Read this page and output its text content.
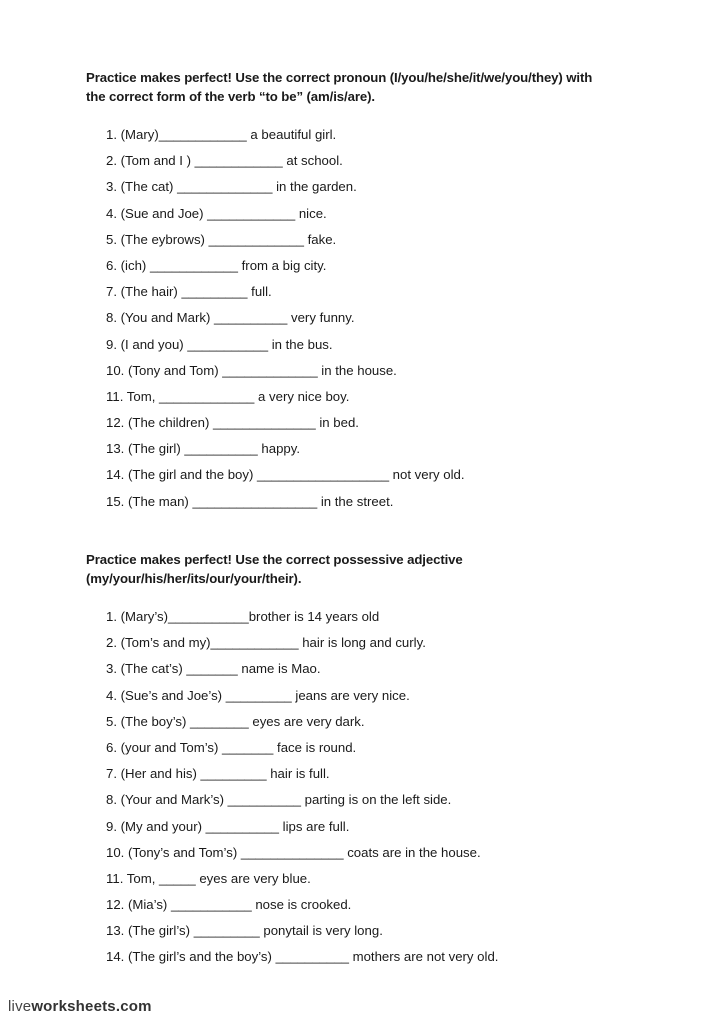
Practice makes perfect! Use the correct pronoun (I/you/he/she/it/we/you/they) with
the correct form of the verb “to be” (am/is/are).

1. (Mary)____________ a beautiful girl.
2. (Tom and I ) ____________ at school.
3. (The cat) _____________ in the garden.
4. (Sue and Joe) ____________ nice.
5. (The eybrows) _____________ fake.
6. (ich) ____________ from a big city.
7. (The hair) _________ full.
8. (You and Mark) __________ very funny.
9. (I and you) ___________ in the bus.
10. (Tony and Tom) _____________ in the house.
11. Tom, _____________ a very nice boy.
12. (The children) ______________ in bed.
13. (The girl) __________ happy.
14. (The girl and the boy) __________________ not very old.
15. (The man) _________________ in the street.

Practice makes perfect! Use the correct possessive adjective
(my/your/his/her/its/our/your/their).

1. (Mary’s)___________brother is 14 years old
2. (Tom’s and my)____________ hair is long and curly.
3. (The cat’s) _______ name is Mao.
4. (Sue’s and Joe’s) _________ jeans are very nice.
5. (The boy’s) ________ eyes are very dark.
6. (your and Tom’s) _______ face is round.
7. (Her and his) _________ hair is full.
8. (Your and Mark’s) __________ parting is on the left side.
9. (My and your) __________ lips are full.
10. (Tony’s and Tom’s) ______________ coats are in the house.
11. Tom, _____ eyes are very blue.
12. (Mia’s) ___________ nose is crooked.
13. (The girl’s) _________ ponytail is very long.
14. (The girl’s and the boy’s) __________ mothers are not very old.
liveworksheets.com
